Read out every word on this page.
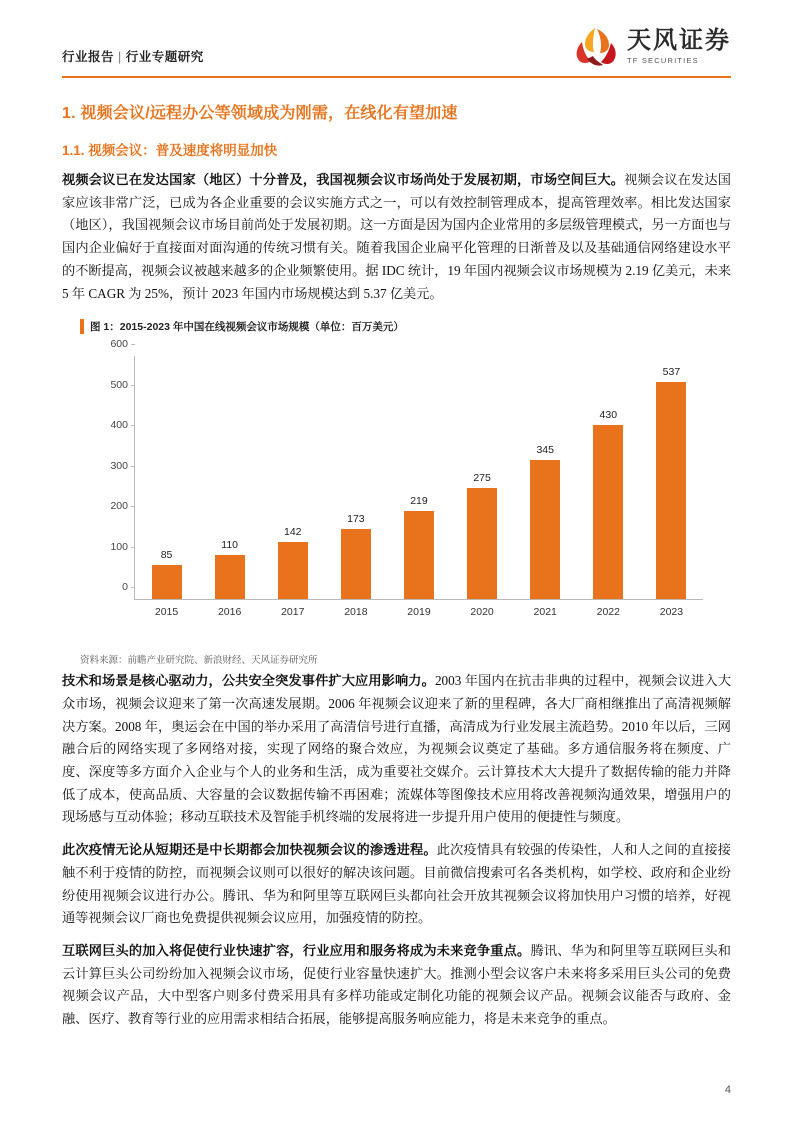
行业报告 | 行业专题研究
天风证券
TF SECURITIES
1. 视频会议/远程办公等领域成为刚需，在线化有望加速
1.1. 视频会议：普及速度将明显加快

视频会议已在发达国家（地区）十分普及，我国视频会议市场尚处于发展初期，市场空间巨大。视频会议在发达国家应该非常广泛，已成为各企业重要的会议实施方式之一，可以有效控制管理成本，提高管理效率。相比发达国家（地区），我国视频会议市场目前尚处于发展初期。这一方面是因为国内企业常用的多层级管理模式，另一方面也与国内企业偏好于直接面对面沟通的传统习惯有关。随着我国企业扁平化管理的日渐普及以及基础通信网络建设水平的不断提高，视频会议被越来越多的企业频繁使用。据 IDC 统计，19 年国内视频会议市场规模为 2.19 亿美元，未来 5 年 CAGR 为 25%，预计 2023 年国内市场规模达到 5.37 亿美元。

图 1：2015-2023 年中国在线视频会议市场规模（单位：百万美元）
0
100
200
300
400
500
600
85
2015
110
2016
142
2017
173
2018
219
2019
275
2020
345
2021
430
2022
537
2023
资料来源：前瞻产业研究院、新浪财经、天风证券研究所

技术和场景是核心驱动力，公共安全突发事件扩大应用影响力。2003 年国内在抗击非典的过程中，视频会议进入大众市场，视频会议迎来了第一次高速发展期。2006 年视频会议迎来了新的里程碑，各大厂商相继推出了高清视频解决方案。2008 年，奥运会在中国的举办采用了高清信号进行直播，高清成为行业发展主流趋势。2010 年以后，三网融合后的网络实现了多网络对接，实现了网络的聚合效应，为视频会议奠定了基础。多方通信服务将在频度、广度、深度等多方面介入企业与个人的业务和生活，成为重要社交媒介。云计算技术大大提升了数据传输的能力并降低了成本，使高品质、大容量的会议数据传输不再困难；流媒体等图像技术应用将改善视频沟通效果，增强用户的现场感与互动体验；移动互联技术及智能手机终端的发展将进一步提升用户使用的便捷性与频度。

此次疫情无论从短期还是中长期都会加快视频会议的渗透进程。此次疫情具有较强的传染性，人和人之间的直接接触不利于疫情的防控，而视频会议则可以很好的解决该问题。目前微信搜索可名各类机构，如学校、政府和企业纷纷使用视频会议进行办公。腾讯、华为和阿里等互联网巨头都向社会开放其视频会议将加快用户习惯的培养，好视通等视频会议厂商也免费提供视频会议应用，加强疫情的防控。

互联网巨头的加入将促使行业快速扩容，行业应用和服务将成为未来竞争重点。腾讯、华为和阿里等互联网巨头和云计算巨头公司纷纷加入视频会议市场，促使行业容量快速扩大。推测小型会议客户未来将多采用巨头公司的免费视频会议产品，大中型客户则多付费采用具有多样功能或定制化功能的视频会议产品。视频会议能否与政府、金融、医疗、教育等行业的应用需求相结合拓展，能够提高服务响应能力，将是未来竞争的重点。

4
